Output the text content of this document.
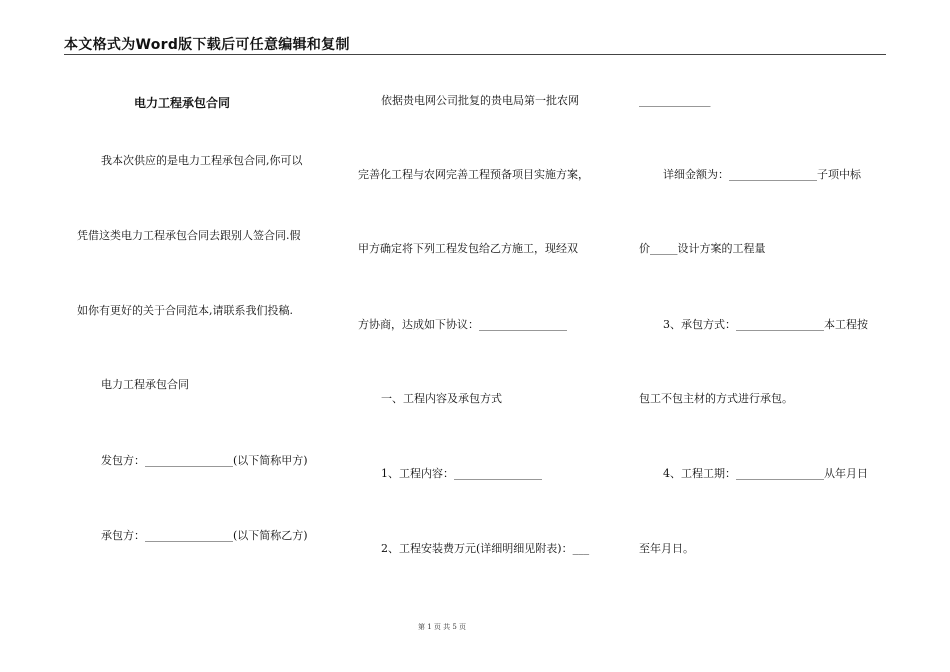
本文格式为Word版下载后可任意编辑和复制
电力工程承包合同
我本次供应的是电力工程承包合同,你可以
凭借这类电力工程承包合同去跟别人签合同.假
如你有更好的关于合同范本,请联系我们投稿.
电力工程承包合同
发包方：________________(以下简称甲方)
承包方：________________(以下简称乙方)
依据贵电网公司批复的贵电局第一批农网
完善化工程与农网完善工程预备项目实施方案，
甲方确定将下列工程发包给乙方施工，现经双
方协商，达成如下协议：________________
一、工程内容及承包方式
1、工程内容：________________
2、工程安装费万元(详细明细见附表)：___
_____________
详细金额为：________________子项中标
价_____设计方案的工程量
3、承包方式：________________本工程按
包工不包主材的方式进行承包。
4、工程工期：________________从年月日
至年月日。
第 1 页 共 5 页
